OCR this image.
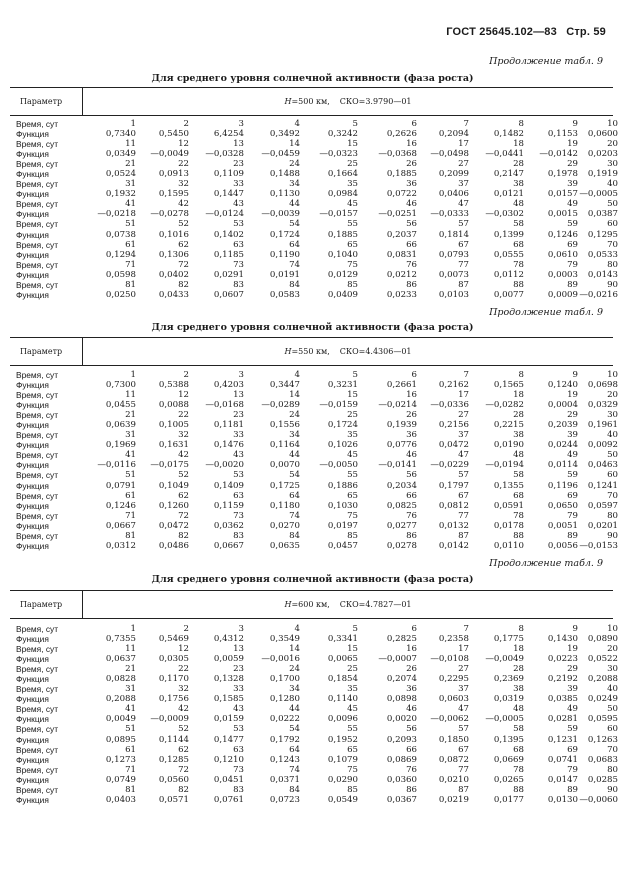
ГОСТ 25645.102—83 Стр. 59
Продолжение табл. 9
Для среднего уровня солнечной активности (фаза роста)
Параметр	Н=500 км, СКО=3.9790—01
Время, сут	1	2	3	4	5	6	7	8	9	10
Функция	0,7340	0,5450	6,4254	0,3492	0,3242	0,2626	0,2094	0,1482	0,1153	0,0600
Время, сут	11	12	13	14	15	16	17	18	19	20
Функция	0,0349	—0,0049	—0,0328	—0,0459	—0,0323	—0,0368	—0,0498	—0,0441	—0,0142	0,0203
Время, сут	21	22	23	24	25	26	27	28	29	30
Функция	0,0524	0,0913	0,1109	0,1488	0,1664	0,1885	0,2099	0,2147	0,1978	0,1919
Время, сут	31	32	33	34	35	36	37	38	39	40
Функция	0,1932	0,1595	0,1447	0,1130	0,0984	0,0722	0,0406	0,0121	0,0157 —0,0005
Время, сут	41	42	43	44	45	46	47	48	49	50
Функция	—0,0218	—0,0278	—0,0124	—0,0039	—0,0157	—0,0251	—0,0333	—0,0302	0,0015	0,0387
Время, сут	51	52	53	54	55	56	57	58	59	60
Функция	0,0738	0,1016	0,1402	0,1724	0,1885	0,2037	0,1814	0,1399	0,1246	0,1295
Время, сут	61	62	63	64	65	66	67	68	69	70
Функция	0,1294	0,1306	0,1185	0,1190	0,1040	0,0831	0,0793	0,0555	0,0610	0,0533
Время, сут	71	72	73	74	75	76	77	78	79	80
Функция	0,0598	0,0402	0,0291	0,0191	0,0129	0,0212	0,0073	0,0112	0,0003	0,0143
Время, сут	81	82	83	84	85	86	87	88	89	90
Функция	0,0250	0,0433	0,0607	0,0583	0,0409	0,0233	0,0103	0,0077	0,0009 —0,0216
Продолжение табл. 9
Для среднего уровня солнечной активности (фаза роста)
Параметр	Н=550 км, СКО=4.4306—01
Время, сут	1	2	3	4	5	6	7	8	9	10
Функция	0,7300	0,5388	0,4203	0,3447	0,3231	0,2661	0,2162	0,1565	0,1240	0,0698
Время, сут	11	12	13	14	15	16	17	18	19	20
Функция	0,0455	0,0088	—0,0168	—0,0289	—0,0159	—0,0214	—0,0336	—0,0282	0,0004	0,0329
Время, сут	21	22	23	24	25	26	27	28	29	30
Функция	0,0639	0,1005	0,1181	0,1556	0,1724	0,1939	0,2156	0,2215	0,2039	0,1961
Время, сут	31	32	33	34	35	36	37	38	39	40
Функция	0,1969	0,1631	0,1476	0,1164	0,1026	0,0776	0,0472	0,0190	0,0244	0,0092
Время, сут	41	42	43	44	45	46	47	48	49	50
Функция	—0,0116	—0,0175	—0,0020	0,0070	—0,0050	—0,0141	—0,0229	—0,0194	0,0114	0,0463
Время, сут	51	52	53	54	55	56	57	58	59	60
Функция	0,0791	0,1049	0,1409	0,1725	0,1886	0,2034	0,1797	0,1355	0,1196	0,1241
Время, сут	61	62	63	64	65	66	67	68	69	70
Функция	0,1246	0,1260	0,1159	0,1180	0,1030	0,0825	0,0812	0,0591	0,0650	0,0597
Время, сут	71	72	73	74	75	76	77	78	79	80
Функция	0,0667	0,0472	0,0362	0,0270	0,0197	0,0277	0,0132	0,0178	0,0051	0,0201
Время, сут	81	82	83	84	85	86	87	88	89	90
Функция	0,0312	0,0486	0,0667	0,0635	0,0457	0,0278	0,0142	0,0110	0,0056 —0,0153
Продолжение табл. 9
Для среднего уровня солнечной активности (фаза роста)
Параметр	Н=600 км, СКО=4.7827—01
Время, сут	1	2	3	4	5	6	7	8	9	10
Функция	0,7355	0,5469	0,4312	0,3549	0,3341	0,2825	0,2358	0,1775	0,1430	0,0890
Время, сут	11	12	13	14	15	16	17	18	19	20
Функция	0,0637	0,0305	0,0059	—0,0016	0,0065	—0,0007	—0,0108	—0,0049	0,0223	0,0522
Время, сут	21	22	23	24	25	26	27	28	29	30
Функция	0,0828	0,1170	0,1328	0,1700	0,1854	0,2074	0,2295	0,2369	0,2192	0,2088
Время, сут	31	32	33	34	35	36	37	38	39	40
Функция	0,2088	0,1756	0,1585	0,1280	0,1140	0,0898	0,0603	0,0319	0,0385	0,0249
Время, сут	41	42	43	44	45	46	47	48	49	50
Функция	0,0049	—0,0009	0,0159	0,0222	0,0096	0,0020	—0,0062	—0,0005	0,0281	0,0595
Время, сут	51	52	53	54	55	56	57	58	59	60
Функция	0,0895	0,1144	0,1477	0,1792	0,1952	0,2093	0,1850	0,1395	0,1231	0,1263
Время, сут	61	62	63	64	65	66	67	68	69	70
Функция	0,1273	0,1285	0,1210	0,1243	0,1079	0,0869	0,0872	0,0669	0,0741	0,0683
Время, сут	71	72	73	74	75	76	77	78	79	80
Функция	0,0749	0,0560	0,0451	0,0371	0,0290	0,0360	0,0210	0,0265	0,0147	0,0285
Время, сут	81	82	83	84	85	86	87	88	89	90
Функция	0,0403	0,0571	0,0761	0,0723	0,0549	0,0367	0,0219	0,0177	0,0130 —0,0060
